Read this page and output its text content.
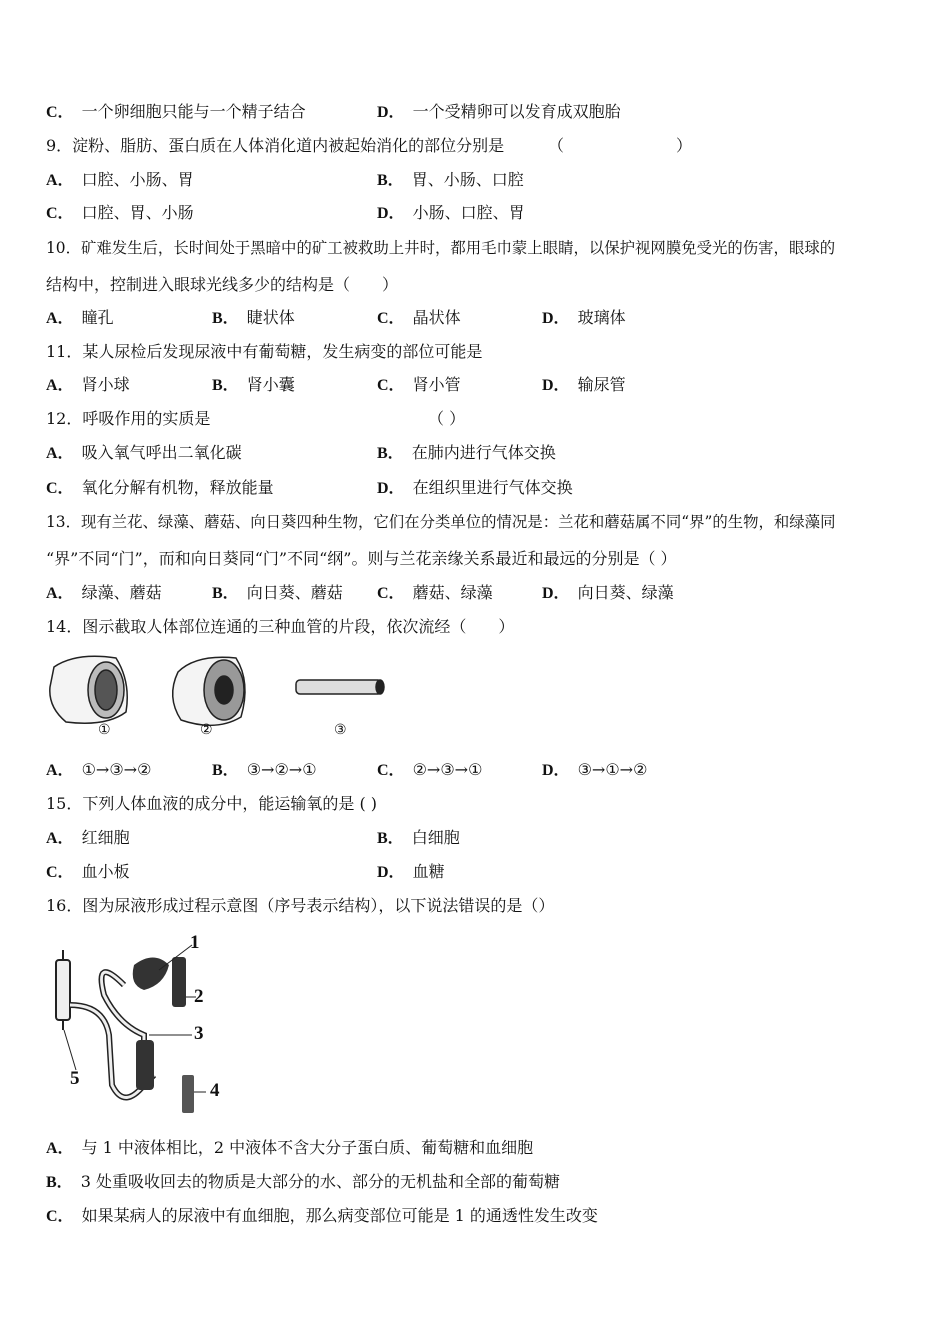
C． 一个卵细胞只能与一个精子结合	D． 一个受精卵可以发育成双胞胎
9．淀粉、脂肪、蛋白质在人体消化道内被起始消化的部位分别是	（　　　　　　　）
A． 口腔、小肠、胃	B． 胃、小肠、口腔
C． 口腔、胃、小肠	D． 小肠、口腔、胃
10．矿难发生后，长时间处于黑暗中的矿工被救助上井时，都用毛巾蒙上眼睛，以保护视网膜免受光的伤害，眼球的
结构中，控制进入眼球光线多少的结构是（　　）
A． 瞳孔	B． 睫状体	C． 晶状体	D． 玻璃体
11．某人尿检后发现尿液中有葡萄糖，发生病变的部位可能是
A． 肾小球	B． 肾小囊	C． 肾小管	D． 输尿管
12．呼吸作用的实质是	（ ）
A． 吸入氧气呼出二氧化碳	B． 在肺内进行气体交换
C． 氧化分解有机物，释放能量	D． 在组织里进行气体交换
13．现有兰花、绿藻、蘑菇、向日葵四种生物，它们在分类单位的情况是：兰花和蘑菇属不同“界”的生物，和绿藻同
“界”不同“门”，而和向日葵同“门”不同“纲”。则与兰花亲缘关系最近和最远的分别是（ ）
A． 绿藻、蘑菇	B． 向日葵、蘑菇 C． 蘑菇、绿藻	D． 向日葵、绿藻
14．图示截取人体部位连通的三种血管的片段，依次流经（　　）
①	②	③
A． ①→③→②	B． ③→②→①	C． ②→③→①	D． ③→①→②
15．下列人体血液的成分中，能运输氧的是 ( )
A． 红细胞	B． 白细胞
C． 血小板	D． 血糖
16．图为尿液形成过程示意图（序号表示结构），以下说法错误的是（）
1
2
3
4
5
A． 与 1 中液体相比，2 中液体不含大分子蛋白质、葡萄糖和血细胞
B． 3 处重吸收回去的物质是大部分的水、部分的无机盐和全部的葡萄糖
C． 如果某病人的尿液中有血细胞，那么病变部位可能是 1 的通透性发生改变
